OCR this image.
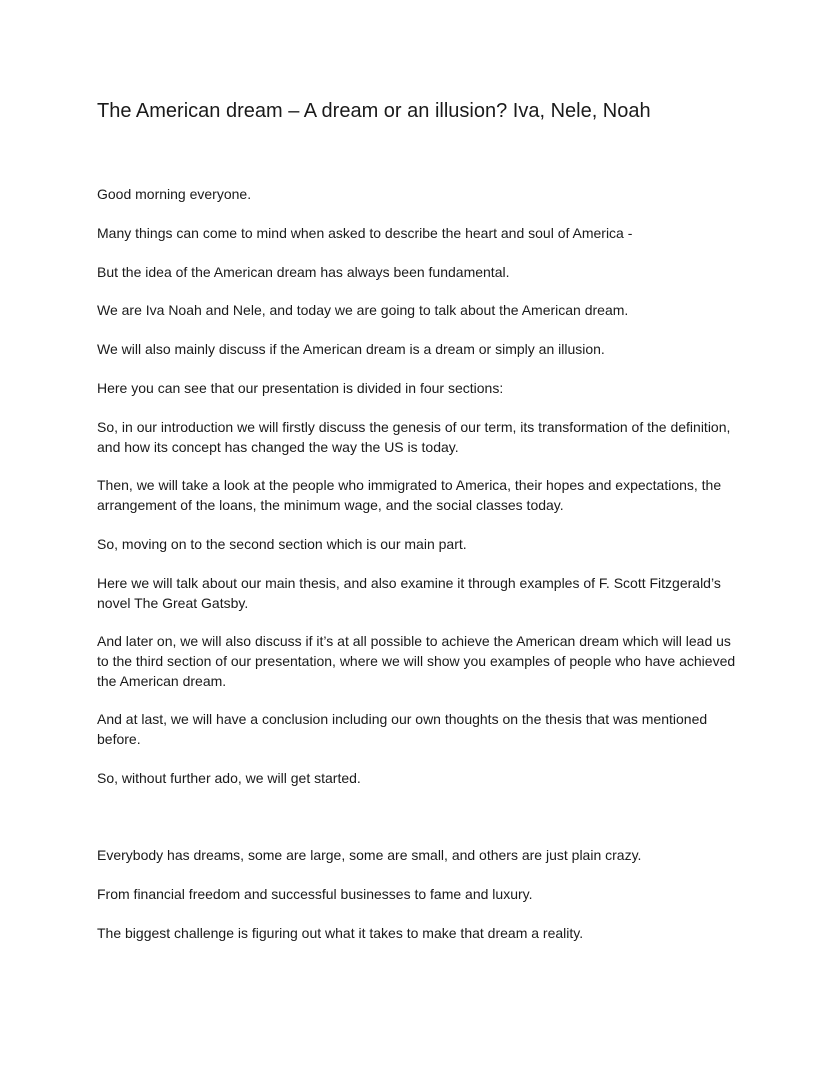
The American dream – A dream or an illusion? Iva, Nele, Noah

Good morning everyone.

Many things can come to mind when asked to describe the heart and soul of America -

But the idea of the American dream has always been fundamental.

We are Iva Noah and Nele, and today we are going to talk about the American dream.

We will also mainly discuss if the American dream is a dream or simply an illusion.

Here you can see that our presentation is divided in four sections:

So, in our introduction we will firstly discuss the genesis of our term, its transformation of the definition, and how its concept has changed the way the US is today.

Then, we will take a look at the people who immigrated to America, their hopes and expectations, the arrangement of the loans, the minimum wage, and the social classes today.

So, moving on to the second section which is our main part.

Here we will talk about our main thesis, and also examine it through examples of F. Scott Fitzgerald’s novel The Great Gatsby.

And later on, we will also discuss if it’s at all possible to achieve the American dream which will lead us to the third section of our presentation, where we will show you examples of people who have achieved the American dream.

And at last, we will have a conclusion including our own thoughts on the thesis that was mentioned before.

So, without further ado, we will get started.

Everybody has dreams, some are large, some are small, and others are just plain crazy.

From financial freedom and successful businesses to fame and luxury.

The biggest challenge is figuring out what it takes to make that dream a reality.
